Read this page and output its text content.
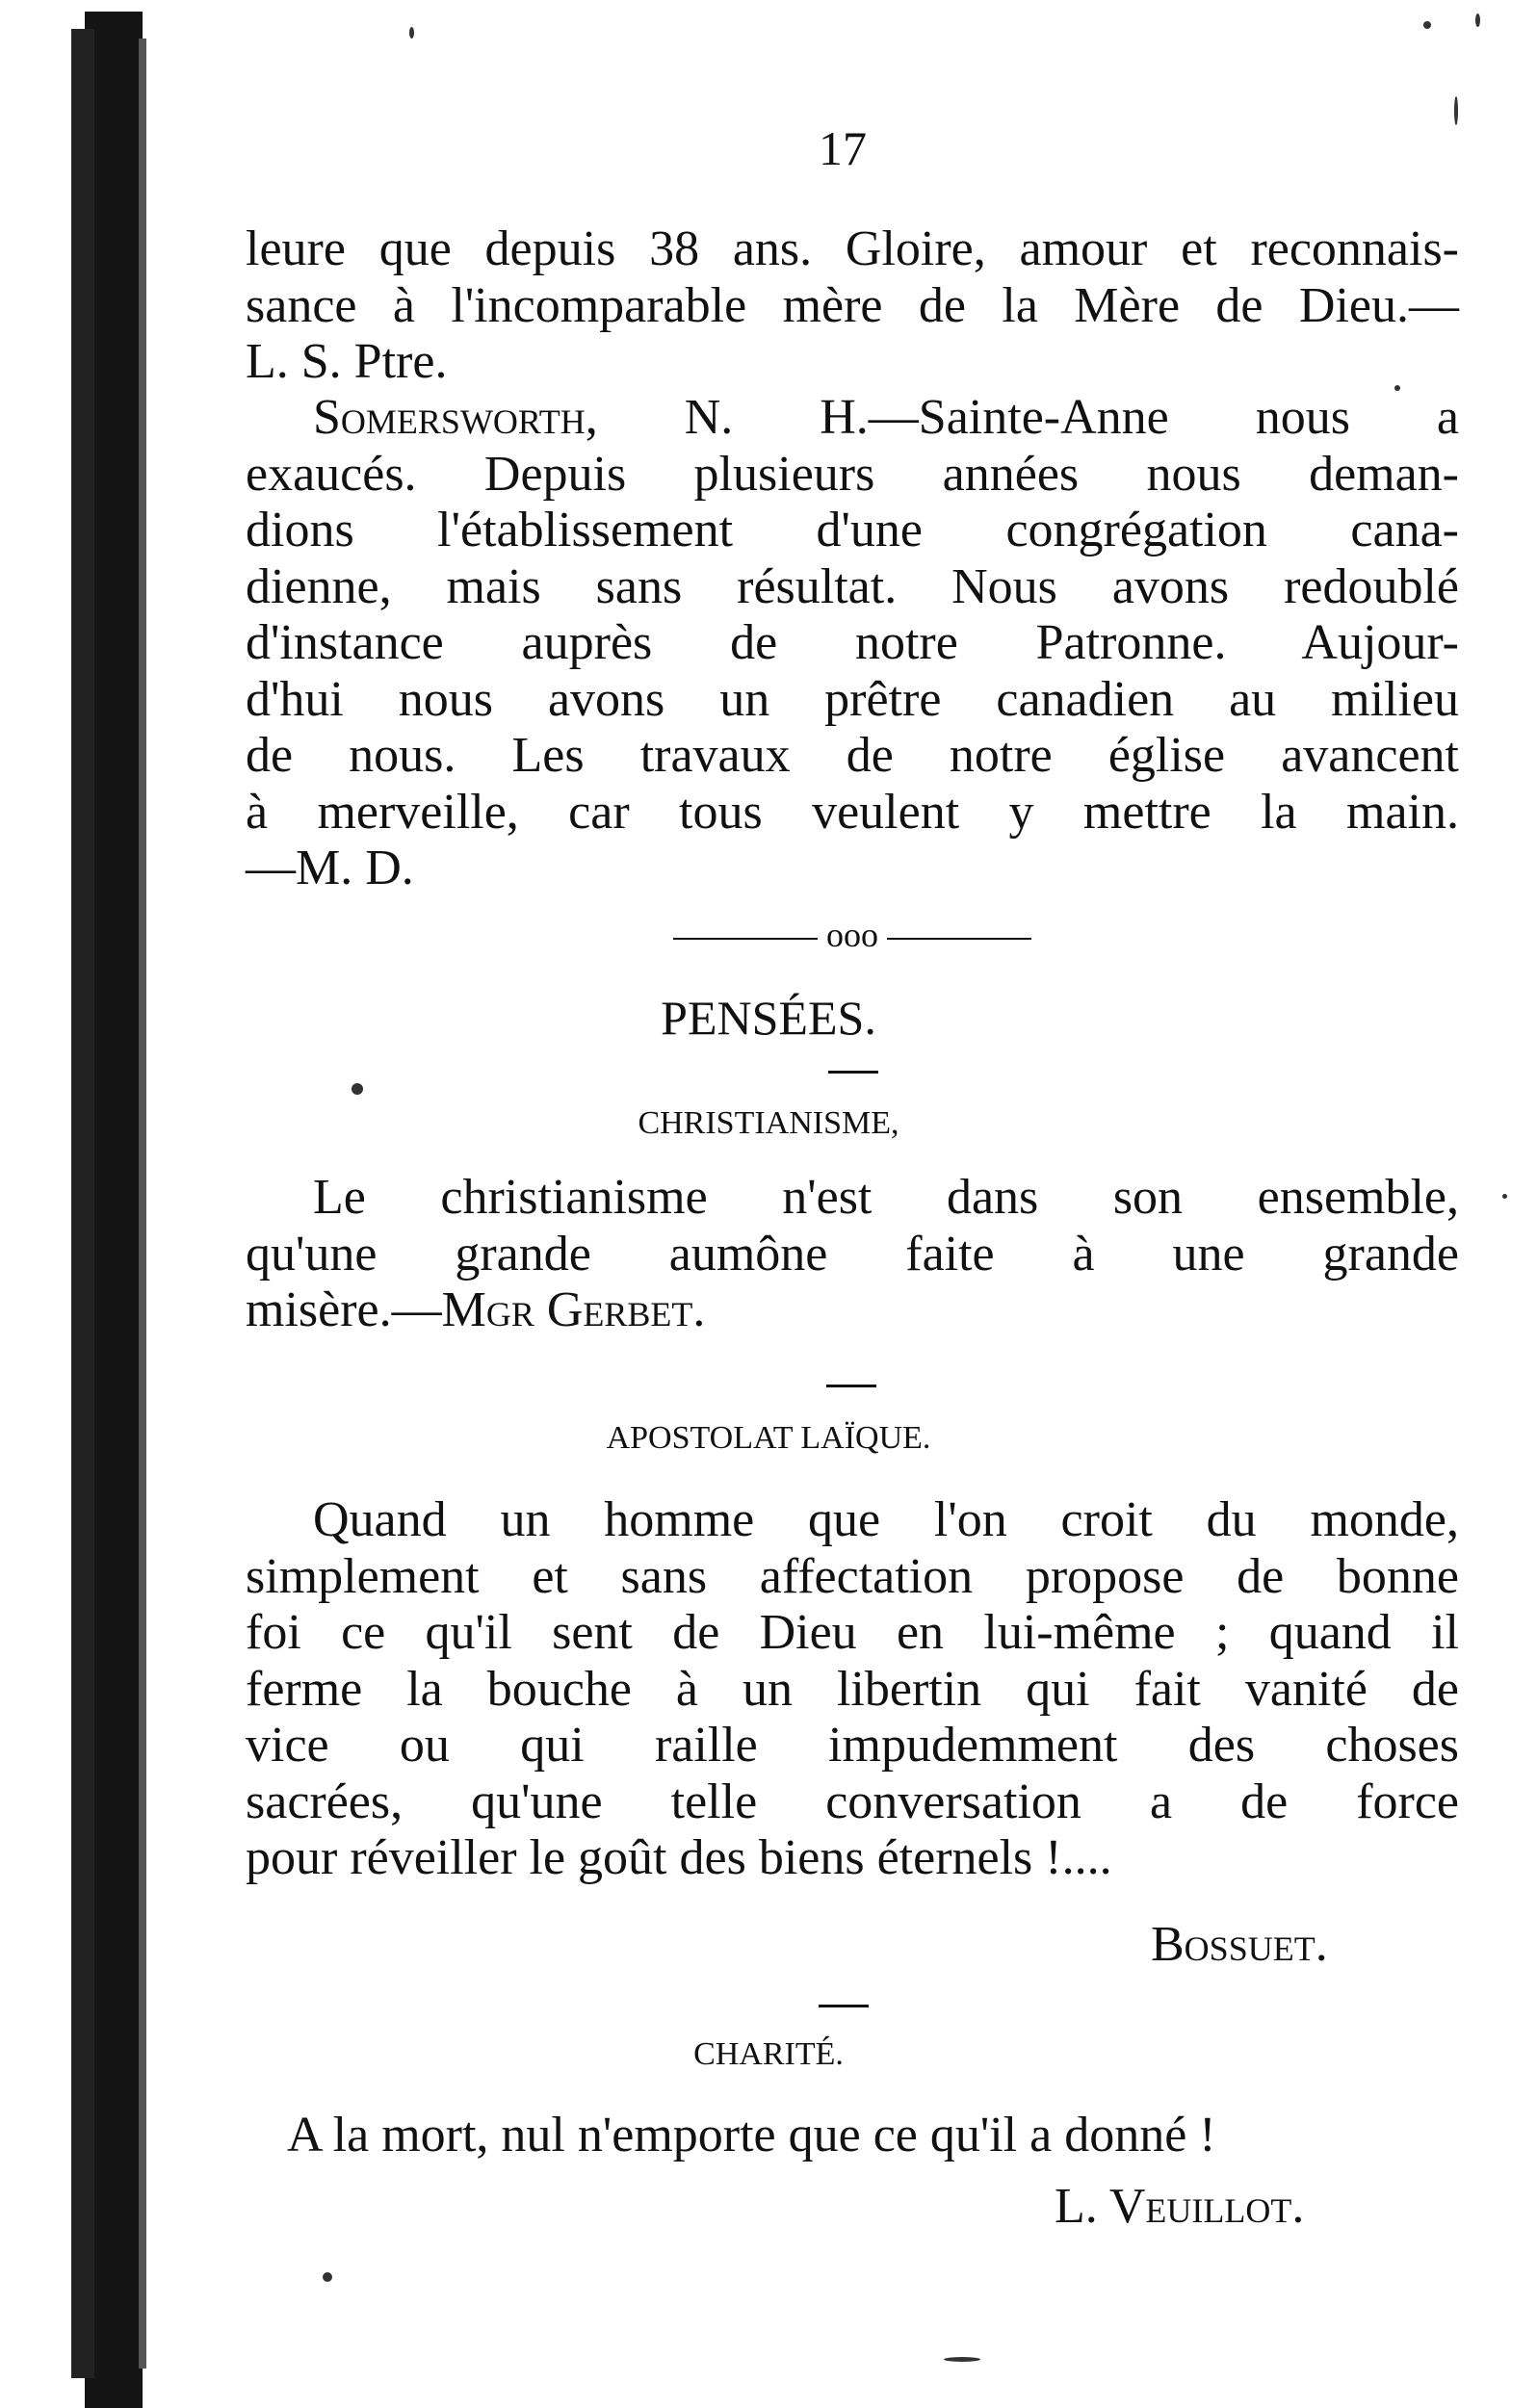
17
leure que depuis 38 ans. Gloire, amour et reconnais-
sance à l'incomparable mère de la Mère de Dieu.—
L. S. Ptre.
Somersworth, N. H.—Sainte-Anne nous a
exaucés. Depuis plusieurs années nous deman-
dions l'établissement d'une congrégation cana-
dienne, mais sans résultat. Nous avons redoublé
d'instance auprès de notre Patronne. Aujour-
d'hui nous avons un prêtre canadien au milieu
de nous. Les travaux de notre église avancent
à merveille, car tous veulent y mettre la main.
—M. D.
ooo
PENSÉES.
CHRISTIANISME,
Le christianisme n'est dans son ensemble,
qu'une grande aumône faite à une grande
misère.—Mgr Gerbet.
APOSTOLAT LAÏQUE.
Quand un homme que l'on croit du monde,
simplement et sans affectation propose de bonne
foi ce qu'il sent de Dieu en lui-même ; quand il
ferme la bouche à un libertin qui fait vanité de
vice ou qui raille impudemment des choses
sacrées, qu'une telle conversation a de force
pour réveiller le goût des biens éternels !....
Bossuet.
CHARITÉ.
A la mort, nul n'emporte que ce qu'il a donné !
L. Veuillot.
